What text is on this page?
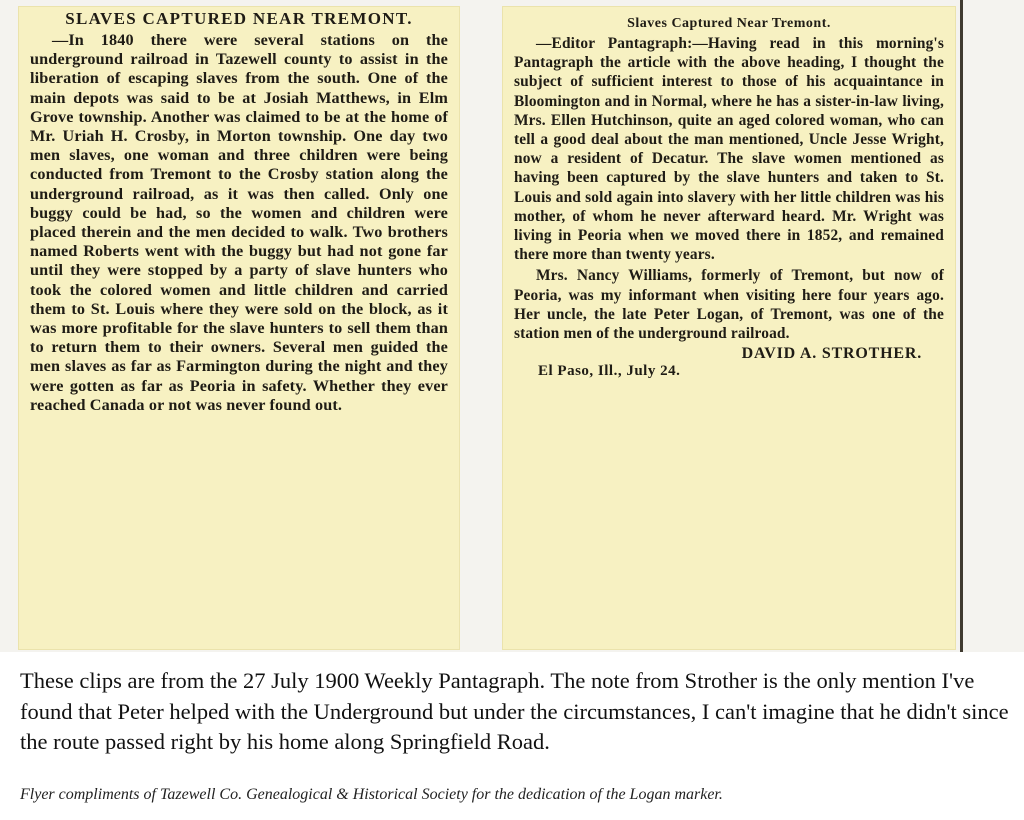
SLAVES CAPTURED NEAR TREMONT.

—In 1840 there were several stations on the underground railroad in Tazewell county to assist in the liberation of escaping slaves from the south. One of the main depots was said to be at Josiah Matthews, in Elm Grove township. Another was claimed to be at the home of Mr. Uriah H. Crosby, in Morton township. One day two men slaves, one woman and three children were being conducted from Tremont to the Crosby station along the underground railroad, as it was then called. Only one buggy could be had, so the women and children were placed therein and the men decided to walk. Two brothers named Roberts went with the buggy but had not gone far until they were stopped by a party of slave hunters who took the colored women and little children and carried them to St. Louis where they were sold on the block, as it was more profitable for the slave hunters to sell them than to return them to their owners. Several men guided the men slaves as far as Farmington during the night and they were gotten as far as Peoria in safety. Whether they ever reached Canada or not was never found out.

Slaves Captured Near Tremont.

—Editor Pantagraph:—Having read in this morning's Pantagraph the article with the above heading, I thought the subject of sufficient interest to those of his acquaintance in Bloomington and in Normal, where he has a sister-in-law living, Mrs. Ellen Hutchinson, quite an aged colored woman, who can tell a good deal about the man mentioned, Uncle Jesse Wright, now a resident of Decatur. The slave women mentioned as having been captured by the slave hunters and taken to St. Louis and sold again into slavery with her little children was his mother, of whom he never afterward heard. Mr. Wright was living in Peoria when we moved there in 1852, and remained there more than twenty years.

Mrs. Nancy Williams, formerly of Tremont, but now of Peoria, was my informant when visiting here four years ago. Her uncle, the late Peter Logan, of Tremont, was one of the station men of the underground railroad.

DAVID A. STROTHER.

El Paso, Ill., July 24.

These clips are from the 27 July 1900 Weekly Pantagraph. The note from Strother is the only mention I've found that Peter helped with the Underground but under the circumstances, I can't imagine that he didn't since the route passed right by his home along Springfield Road.

Flyer compliments of Tazewell Co. Genealogical & Historical Society for the dedication of the Logan marker.
